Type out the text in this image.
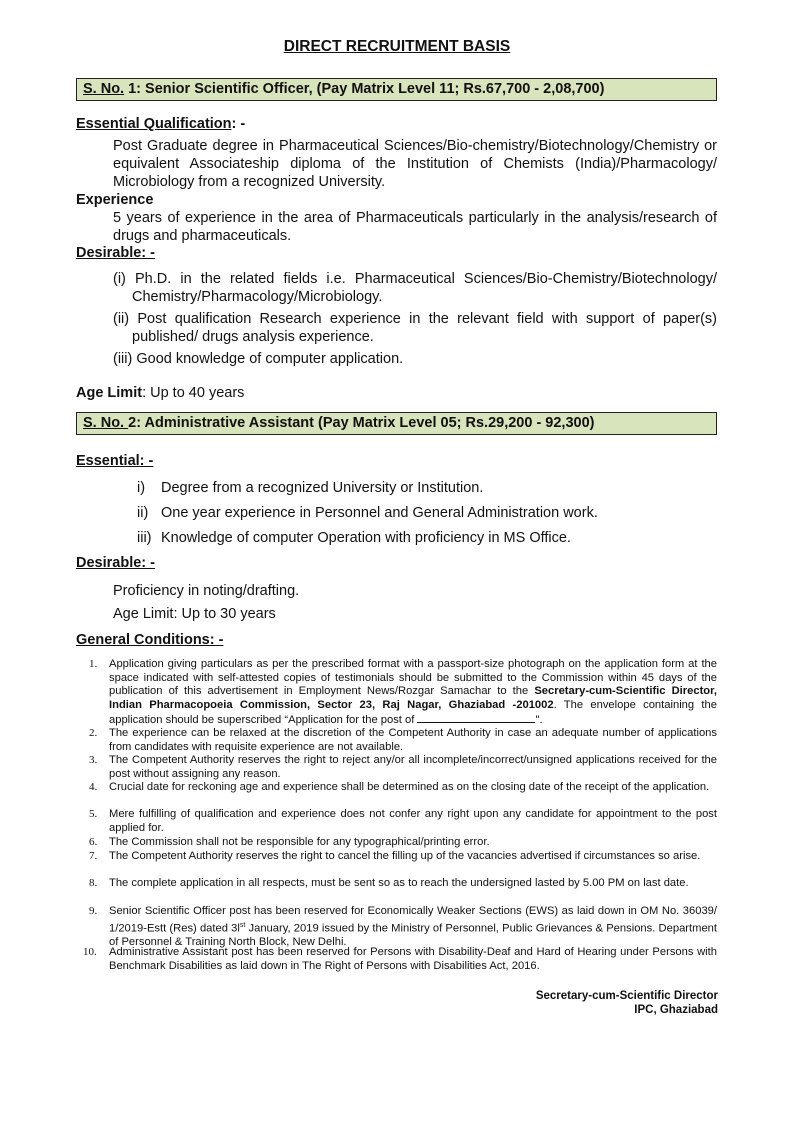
DIRECT RECRUITMENT BASIS
S. No. 1: Senior Scientific Officer, (Pay Matrix Level 11; Rs.67,700 - 2,08,700)
Essential Qualification: -
Post Graduate degree in Pharmaceutical Sciences/Bio-chemistry/Biotechnology/Chemistry or equivalent Associateship diploma of the Institution of Chemists (India)/Pharmacology/ Microbiology from a recognized University.
Experience
5 years of experience in the area of Pharmaceuticals particularly in the analysis/research of drugs and pharmaceuticals.
Desirable: -
(i) Ph.D. in the related fields i.e. Pharmaceutical Sciences/Bio-Chemistry/Biotechnology/ Chemistry/Pharmacology/Microbiology.
(ii) Post qualification Research experience in the relevant field with support of paper(s) published/ drugs analysis experience.
(iii) Good knowledge of computer application.
Age Limit: Up to 40 years
S. No. 2: Administrative Assistant (Pay Matrix Level 05; Rs.29,200 - 92,300)
Essential: -
i) Degree from a recognized University or Institution.
ii) One year experience in Personnel and General Administration work.
iii) Knowledge of computer Operation with proficiency in MS Office.
Desirable: -
Proficiency in noting/drafting.
Age Limit: Up to 30 years
General Conditions: -
1. Application giving particulars as per the prescribed format with a passport-size photograph on the application form at the space indicated with self-attested copies of testimonials should be submitted to the Commission within 45 days of the publication of this advertisement in Employment News/Rozgar Samachar to the Secretary-cum-Scientific Director, Indian Pharmacopoeia Commission, Sector 23, Raj Nagar, Ghaziabad -201002. The envelope containing the application should be superscribed “Application for the post of	".
2. The experience can be relaxed at the discretion of the Competent Authority in case an adequate number of applications from candidates with requisite experience are not available.
3. The Competent Authority reserves the right to reject any/or all incomplete/incorrect/unsigned applications received for the post without assigning any reason.
4. Crucial date for reckoning age and experience shall be determined as on the closing date of the receipt of the application.
5. Mere fulfilling of qualification and experience does not confer any right upon any candidate for appointment to the post applied for.
6. The Commission shall not be responsible for any typographical/printing error.
7. The Competent Authority reserves the right to cancel the filling up of the vacancies advertised if circumstances so arise.
8. The complete application in all respects, must be sent so as to reach the undersigned lasted by 5.00 PM on last date.
9. Senior Scientific Officer post has been reserved for Economically Weaker Sections (EWS) as laid down in OM No. 36039/ 1/2019-Estt (Res) dated $3l^{st}$ January, 2019 issued by the Ministry of Personnel, Public Grievances & Pensions. Department of Personnel & Training North Block, New Delhi.
10. Administrative Assistant post has been reserved for Persons with Disability-Deaf and Hard of Hearing under Persons with Benchmark Disabilities as laid down in The Right of Persons with Disabilities Act, 2016.
Secretary-cum-Scientific Director
IPC, Ghaziabad
